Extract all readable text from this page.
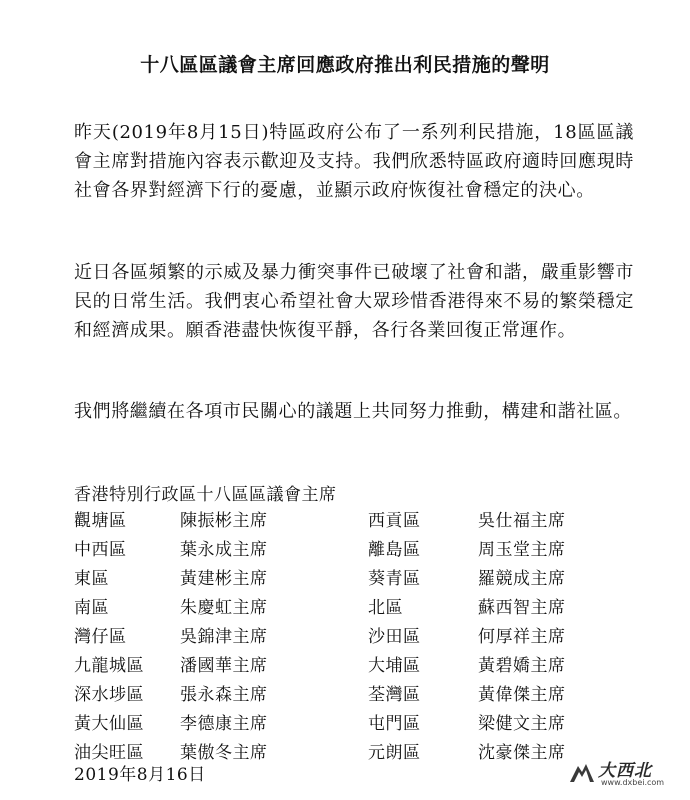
十八區區議會主席回應政府推出利民措施的聲明

昨天(2019年8月15日)特區政府公布了一系列利民措施，18區區議會主席對措施內容表示歡迎及支持。我們欣悉特區政府適時回應現時社會各界對經濟下行的憂慮，並顯示政府恢復社會穩定的決心。

近日各區頻繁的示威及暴力衝突事件已破壞了社會和諧，嚴重影響市民的日常生活。我們衷心希望社會大眾珍惜香港得來不易的繁榮穩定和經濟成果。願香港盡快恢復平靜，各行各業回復正常運作。

我們將繼續在各項市民關心的議題上共同努力推動，構建和諧社區。

香港特別行政區十八區區議會主席
觀塘區	陳振彬主席	西貢區	吳仕福主席
中西區	葉永成主席	離島區	周玉堂主席
東區	黃建彬主席	葵青區	羅競成主席
南區	朱慶虹主席	北區	蘇西智主席
灣仔區	吳錦津主席	沙田區	何厚祥主席
九龍城區 潘國華主席	大埔區	黃碧嬌主席
深水埗區 張永森主席	荃灣區	黃偉傑主席
黃大仙區 李德康主席	屯門區	梁健文主席
油尖旺區 葉傲冬主席	元朗區	沈豪傑主席
2019年8月16日	大西北
www.dxbei.com
